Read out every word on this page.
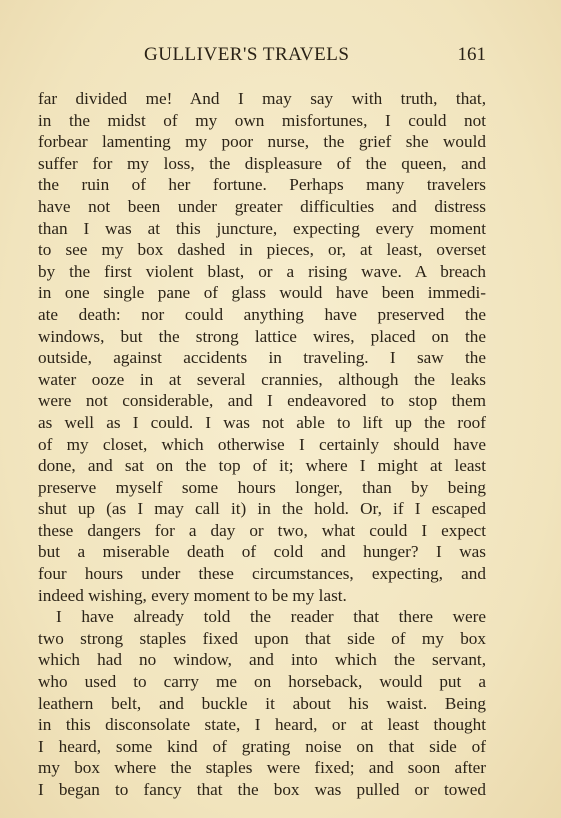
GULLIVER'S TRAVELS	161
far divided me! And I may say with truth, that,
in the midst of my own misfortunes, I could not
forbear lamenting my poor nurse, the grief she would
suffer for my loss, the displeasure of the queen, and
the ruin of her fortune. Perhaps many travelers
have not been under greater difficulties and distress
than I was at this juncture, expecting every moment
to see my box dashed in pieces, or, at least, overset
by the first violent blast, or a rising wave. A breach
in one single pane of glass would have been immedi-
ate death: nor could anything have preserved the
windows, but the strong lattice wires, placed on the
outside, against accidents in traveling. I saw the
water ooze in at several crannies, although the leaks
were not considerable, and I endeavored to stop them
as well as I could. I was not able to lift up the roof
of my closet, which otherwise I certainly should have
done, and sat on the top of it; where I might at least
preserve myself some hours longer, than by being
shut up (as I may call it) in the hold. Or, if I escaped
these dangers for a day or two, what could I expect
but a miserable death of cold and hunger? I was
four hours under these circumstances, expecting, and
indeed wishing, every moment to be my last.
I have already told the reader that there were
two strong staples fixed upon that side of my box
which had no window, and into which the servant,
who used to carry me on horseback, would put a
leathern belt, and buckle it about his waist. Being
in this disconsolate state, I heard, or at least thought
I heard, some kind of grating noise on that side of
my box where the staples were fixed; and soon after
I began to fancy that the box was pulled or towed
